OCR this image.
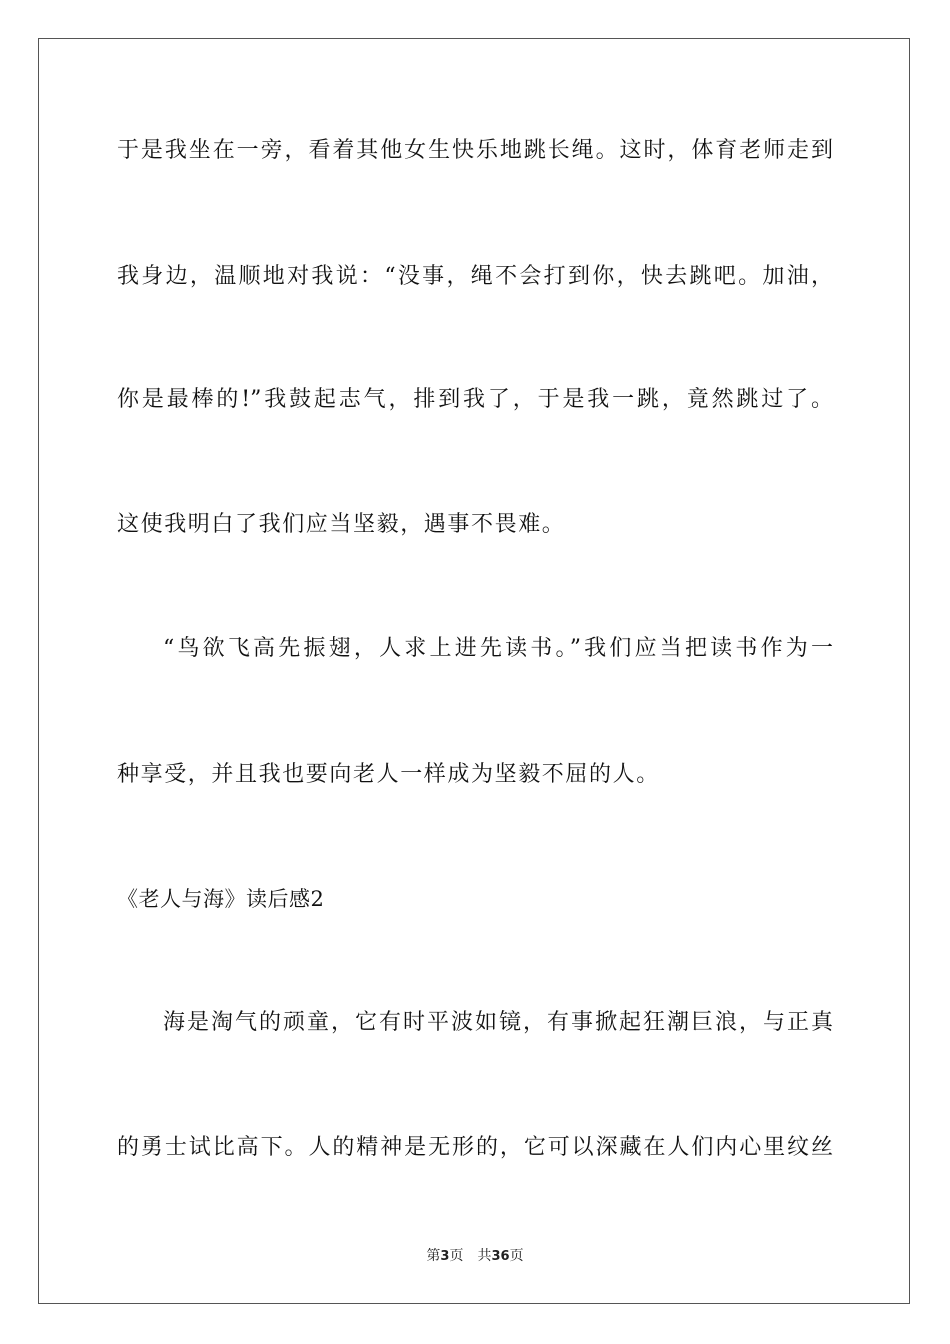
于是我坐在一旁，看着其他女生快乐地跳长绳。这时，体育老师走到
我身边，温顺地对我说：“没事，绳不会打到你，快去跳吧。加油，
你是最棒的!”我鼓起志气，排到我了，于是我一跳，竟然跳过了。
这使我明白了我们应当坚毅，遇事不畏难。
“鸟欲飞高先振翅，人求上进先读书。”我们应当把读书作为一
种享受，并且我也要向老人一样成为坚毅不屈的人。
《老人与海》读后感2
海是淘气的顽童，它有时平波如镜，有事掀起狂潮巨浪，与正真
的勇士试比高下。人的精神是无形的，它可以深藏在人们内心里纹丝
第3页 共36页
